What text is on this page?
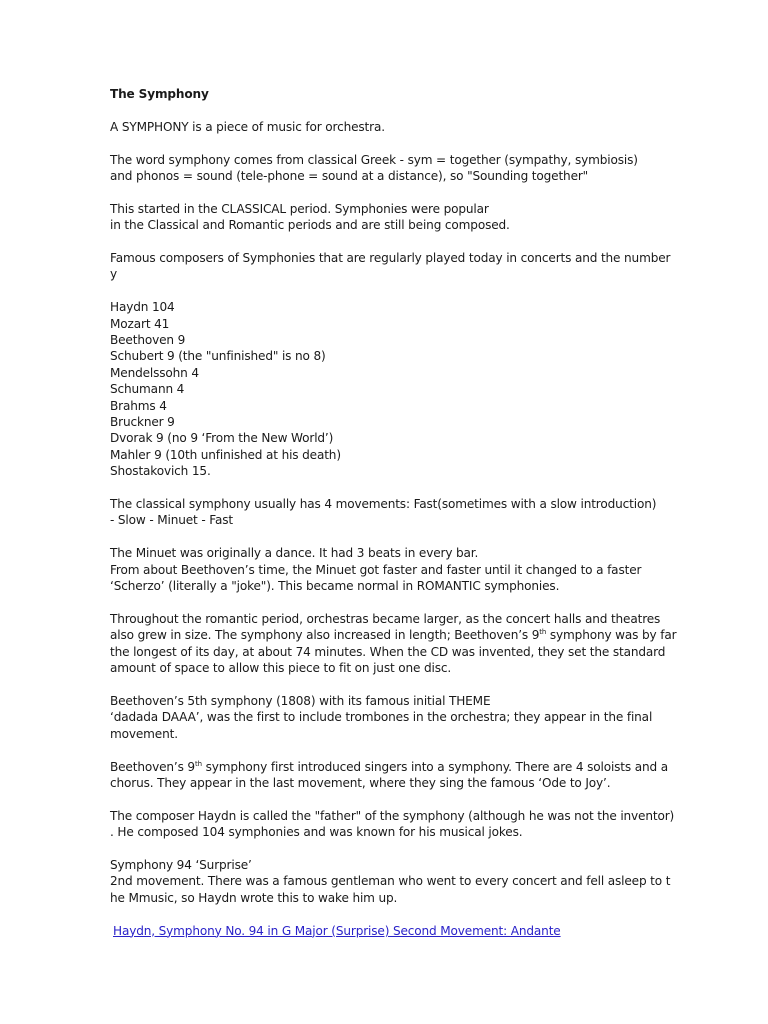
The Symphony
A SYMPHONY is a piece of music for orchestra.
The word symphony comes from classical Greek - sym = together (sympathy, symbiosis)
and phonos = sound (tele-phone = sound at a distance), so "Sounding together"
This started in the CLASSICAL period. Symphonies were popular
in the Classical and Romantic periods and are still being composed.
Famous composers of Symphonies that are regularly played today in concerts and the number
y
Haydn 104
Mozart 41
Beethoven 9
Schubert 9 (the "unfinished" is no 8)
Mendelssohn 4
Schumann 4
Brahms 4
Bruckner 9
Dvorak 9 (no 9 ‘From the New World’)
Mahler 9 (10th unfinished at his death)
Shostakovich 15.
The classical symphony usually has 4 movements: Fast(sometimes with a slow introduction)
- Slow - Minuet - Fast
The Minuet was originally a dance. It had 3 beats in every bar.
From about Beethoven’s time, the Minuet got faster and faster until it changed to a faster
‘Scherzo’ (literally a "joke"). This became normal in ROMANTIC symphonies.
Throughout the romantic period, orchestras became larger, as the concert halls and theatres
also grew in size. The symphony also increased in length; Beethoven’s 9th symphony was by far
the longest of its day, at about 74 minutes. When the CD was invented, they set the standard
amount of space to allow this piece to fit on just one disc.
Beethoven’s 5th symphony (1808) with its famous initial THEME
‘dadada DAAA’, was the first to include trombones in the orchestra; they appear in the final
movement.
Beethoven’s 9th symphony first introduced singers into a symphony. There are 4 soloists and a
chorus. They appear in the last movement, where they sing the famous ‘Ode to Joy’.
The composer Haydn is called the "father" of the symphony (although he was not the inventor)
. He composed 104 symphonies and was known for his musical jokes.
Symphony 94 ‘Surprise’
2nd movement. There was a famous gentleman who went to every concert and fell asleep to t
he Mmusic, so Haydn wrote this to wake him up.
Haydn, Symphony No. 94 in G Major (Surprise) Second Movement: Andante
